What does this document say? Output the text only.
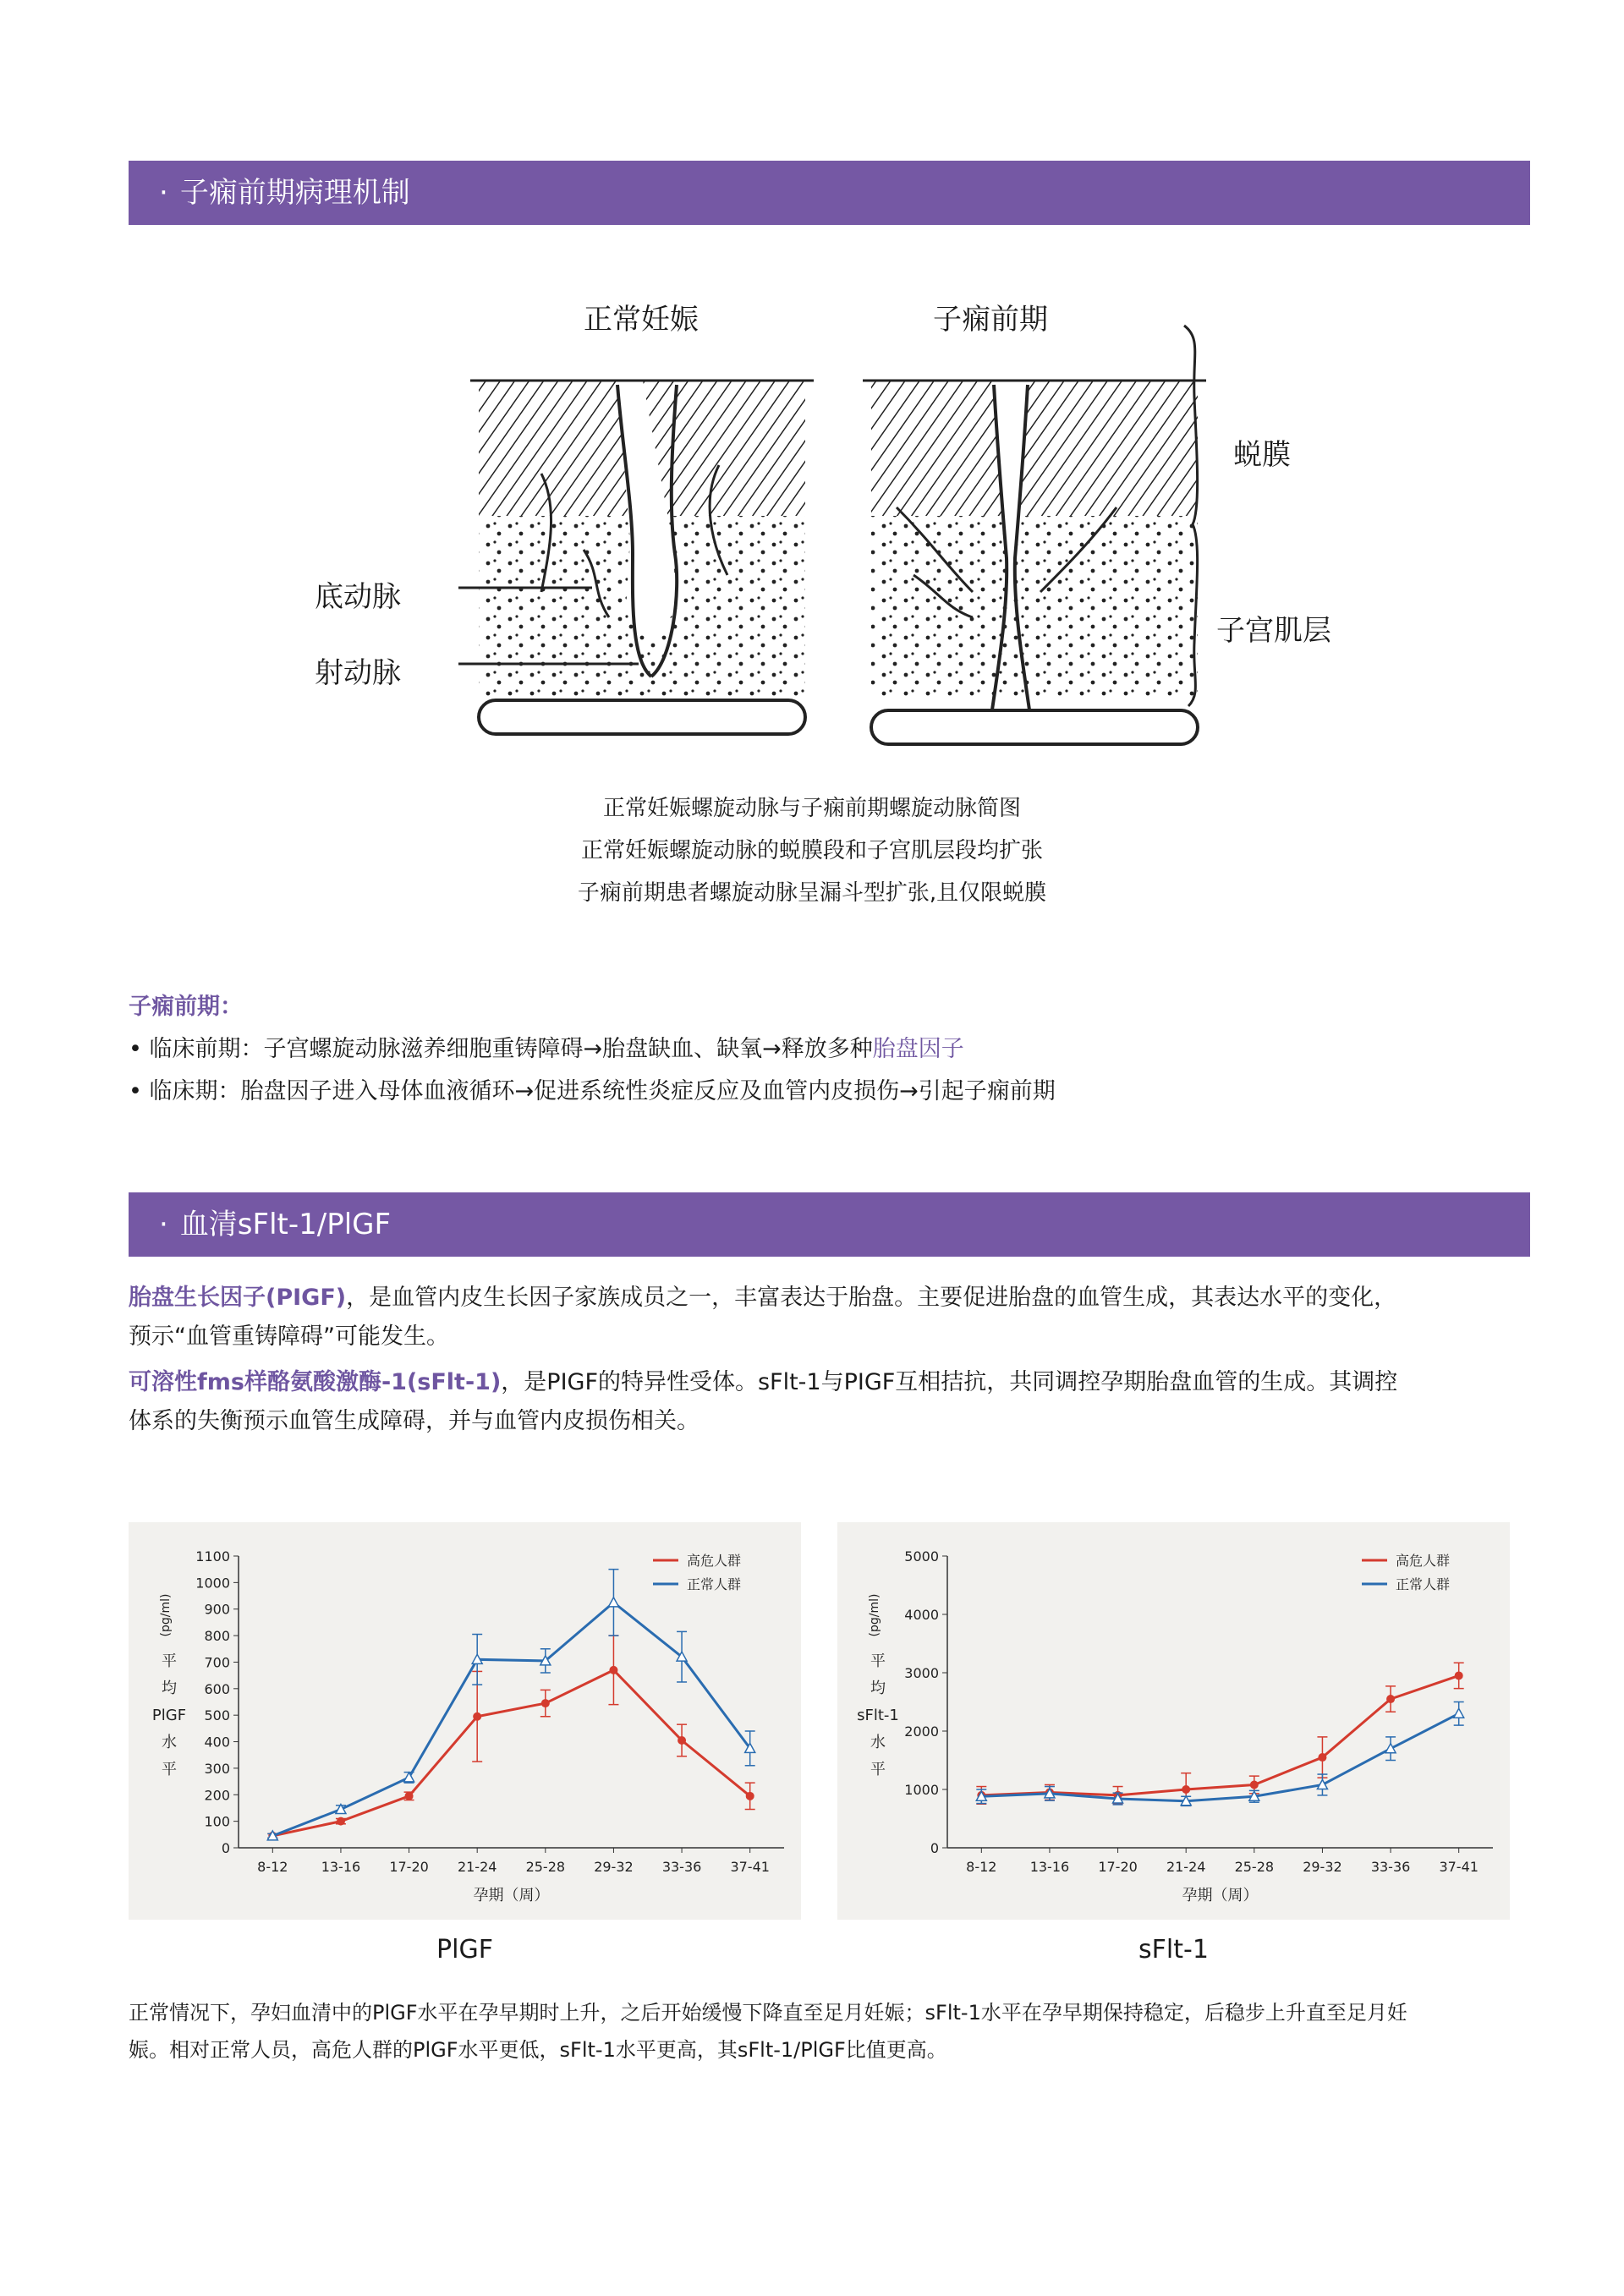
· 子痫前期病理机制
正常妊娠	子痫前期
蜕膜
子宫肌层
底动脉
射动脉
正常妊娠螺旋动脉与子痫前期螺旋动脉简图
正常妊娠螺旋动脉的蜕膜段和子宫肌层段均扩张
子痫前期患者螺旋动脉呈漏斗型扩张,且仅限蜕膜
子痫前期：
• 临床前期：子宫螺旋动脉滋养细胞重铸障碍→胎盘缺血、缺氧→释放多种胎盘因子
• 临床期：胎盘因子进入母体血液循环→促进系统性炎症反应及血管内皮损伤→引起子痫前期
· 血清sFlt-1/PlGF
胎盘生长因子(PIGF)，是血管内皮生长因子家族成员之一，丰富表达于胎盘。主要促进胎盘的血管生成，其表达水平的变化，
预示“血管重铸障碍”可能发生。
可溶性fms样酪氨酸激酶-1(sFlt-1)，是PIGF的特异性受体。sFlt-1与PIGF互相拮抗，共同调控孕期胎盘血管的生成。其调控
体系的失衡预示血管生成障碍，并与血管内皮损伤相关。
0
100
200
300
400
500
600
700
800
900
1000
1100
8-12 13-16 17-20 21-24 25-28 29-32 33-36 37-41
孕期（周）
(pg/ml)
平
均
PlGF
水
平
高危人群
正常人群
0
1000
2000
3000
4000
5000
8-12 13-16 17-20 21-24 25-28 29-32 33-36 37-41
孕期（周）
(pg/ml)
平
均
sFlt-1
水
平
高危人群
正常人群
PlGF	sFlt-1
正常情况下，孕妇血清中的PlGF水平在孕早期时上升，之后开始缓慢下降直至足月妊娠；sFlt-1水平在孕早期保持稳定，后稳步上升直至足月妊
娠。相对正常人员，高危人群的PlGF水平更低，sFlt-1水平更高，其sFlt-1/PlGF比值更高。
